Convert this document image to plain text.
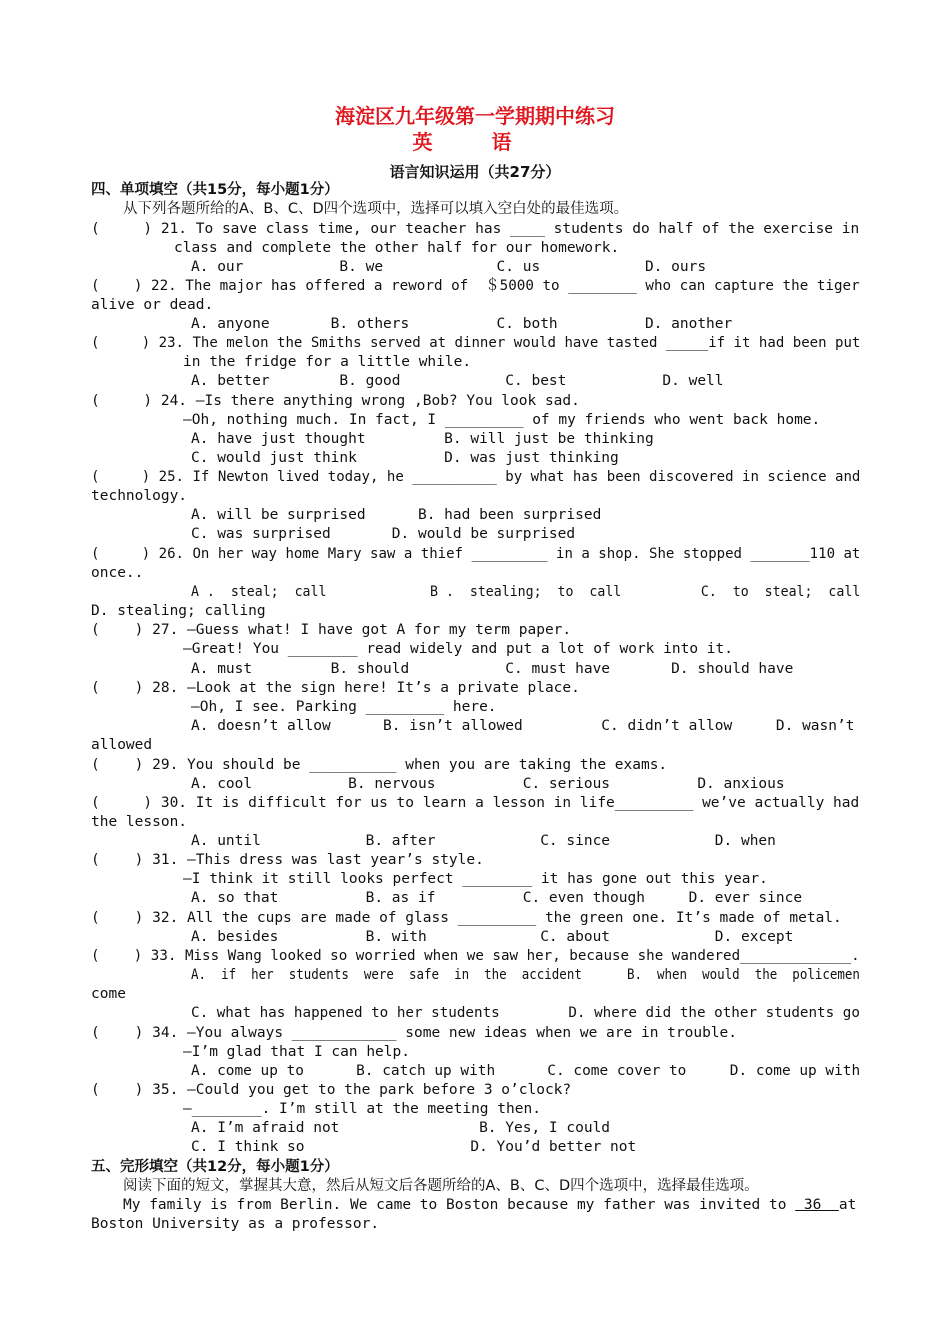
海淀区九年级第一学期期中练习
英 语
语言知识运用（共27分）
四、单项填空（共15分，每小题1分）
从下列各题所给的A、B、C、D四个选项中，选择可以填入空白处的最佳选项。
(     ) 21. To save class time, our teacher has ____ students do half of the exercise in
class and complete the other half for our homework.
A. our           B. we             C. us            D. ours
(    ) 22. The major has offered a reword of  ＄5000 to ________ who can capture the tiger
alive or dead.
A. anyone       B. others          C. both          D. another
(     ) 23. The melon the Smiths served at dinner would have tasted _____if it had been put
in the fridge for a little while.
A. better        B. good            C. best           D. well
(     ) 24. —Is there anything wrong ,Bob? You look sad.
—Oh, nothing much. In fact, I _________ of my friends who went back home.
A. have just thought         B. will just be thinking
C. would just think          D. was just thinking
(     ) 25. If Newton lived today, he __________ by what has been discovered in science and
technology.
A. will be surprised      B. had been surprised
C. was surprised       D. would be surprised
(     ) 26. On her way home Mary saw a thief _________ in a shop. She stopped _______110 at
once..
A .  steal;  call             B .  stealing;  to  call          C.  to  steal;  call
D. stealing; calling
(    ) 27. —Guess what! I have got A for my term paper.
—Great! You ________ read widely and put a lot of work into it.
A. must         B. should           C. must have       D. should have
(    ) 28. —Look at the sign here! It’s a private place.
—Oh, I see. Parking _________ here.
A. doesn’t allow      B. isn’t allowed         C. didn’t allow     D. wasn’t
allowed
(    ) 29. You should be __________ when you are taking the exams.
A. cool           B. nervous          C. serious          D. anxious
(     ) 30. It is difficult for us to learn a lesson in life_________ we’ve actually had
the lesson.
A. until            B. after            C. since            D. when
(    ) 31. —This dress was last year’s style.
—I think it still looks perfect ________ it has gone out this year.
A. so that          B. as if          C. even though     D. ever since
(    ) 32. All the cups are made of glass _________ the green one. It’s made of metal.
A. besides          B. with             C. about            D. except
(    ) 33. Miss Wang looked so worried when we saw her, because she wandered_____________.
A.  if  her  students  were  safe  in  the  accident      B.  when  would  the  policemen
come
C. what has happened to her students        D. where did the other students go
(    ) 34. —You always ____________ some new ideas when we are in trouble.
—I’m glad that I can help.
A. come up to      B. catch up with      C. come cover to     D. come up with
(    ) 35. —Could you get to the park before 3 o’clock?
—________. I’m still at the meeting then.
A. I’m afraid not                B. Yes, I could
C. I think so                   D. You’d better not
五、完形填空（共12分，每小题1分）
阅读下面的短文，掌握其大意，然后从短文后各题所给的A、B、C、D四个选项中，选择最佳选项。
My family is from Berlin. We came to Boston because my father was invited to  36  at
Boston University as a professor.
